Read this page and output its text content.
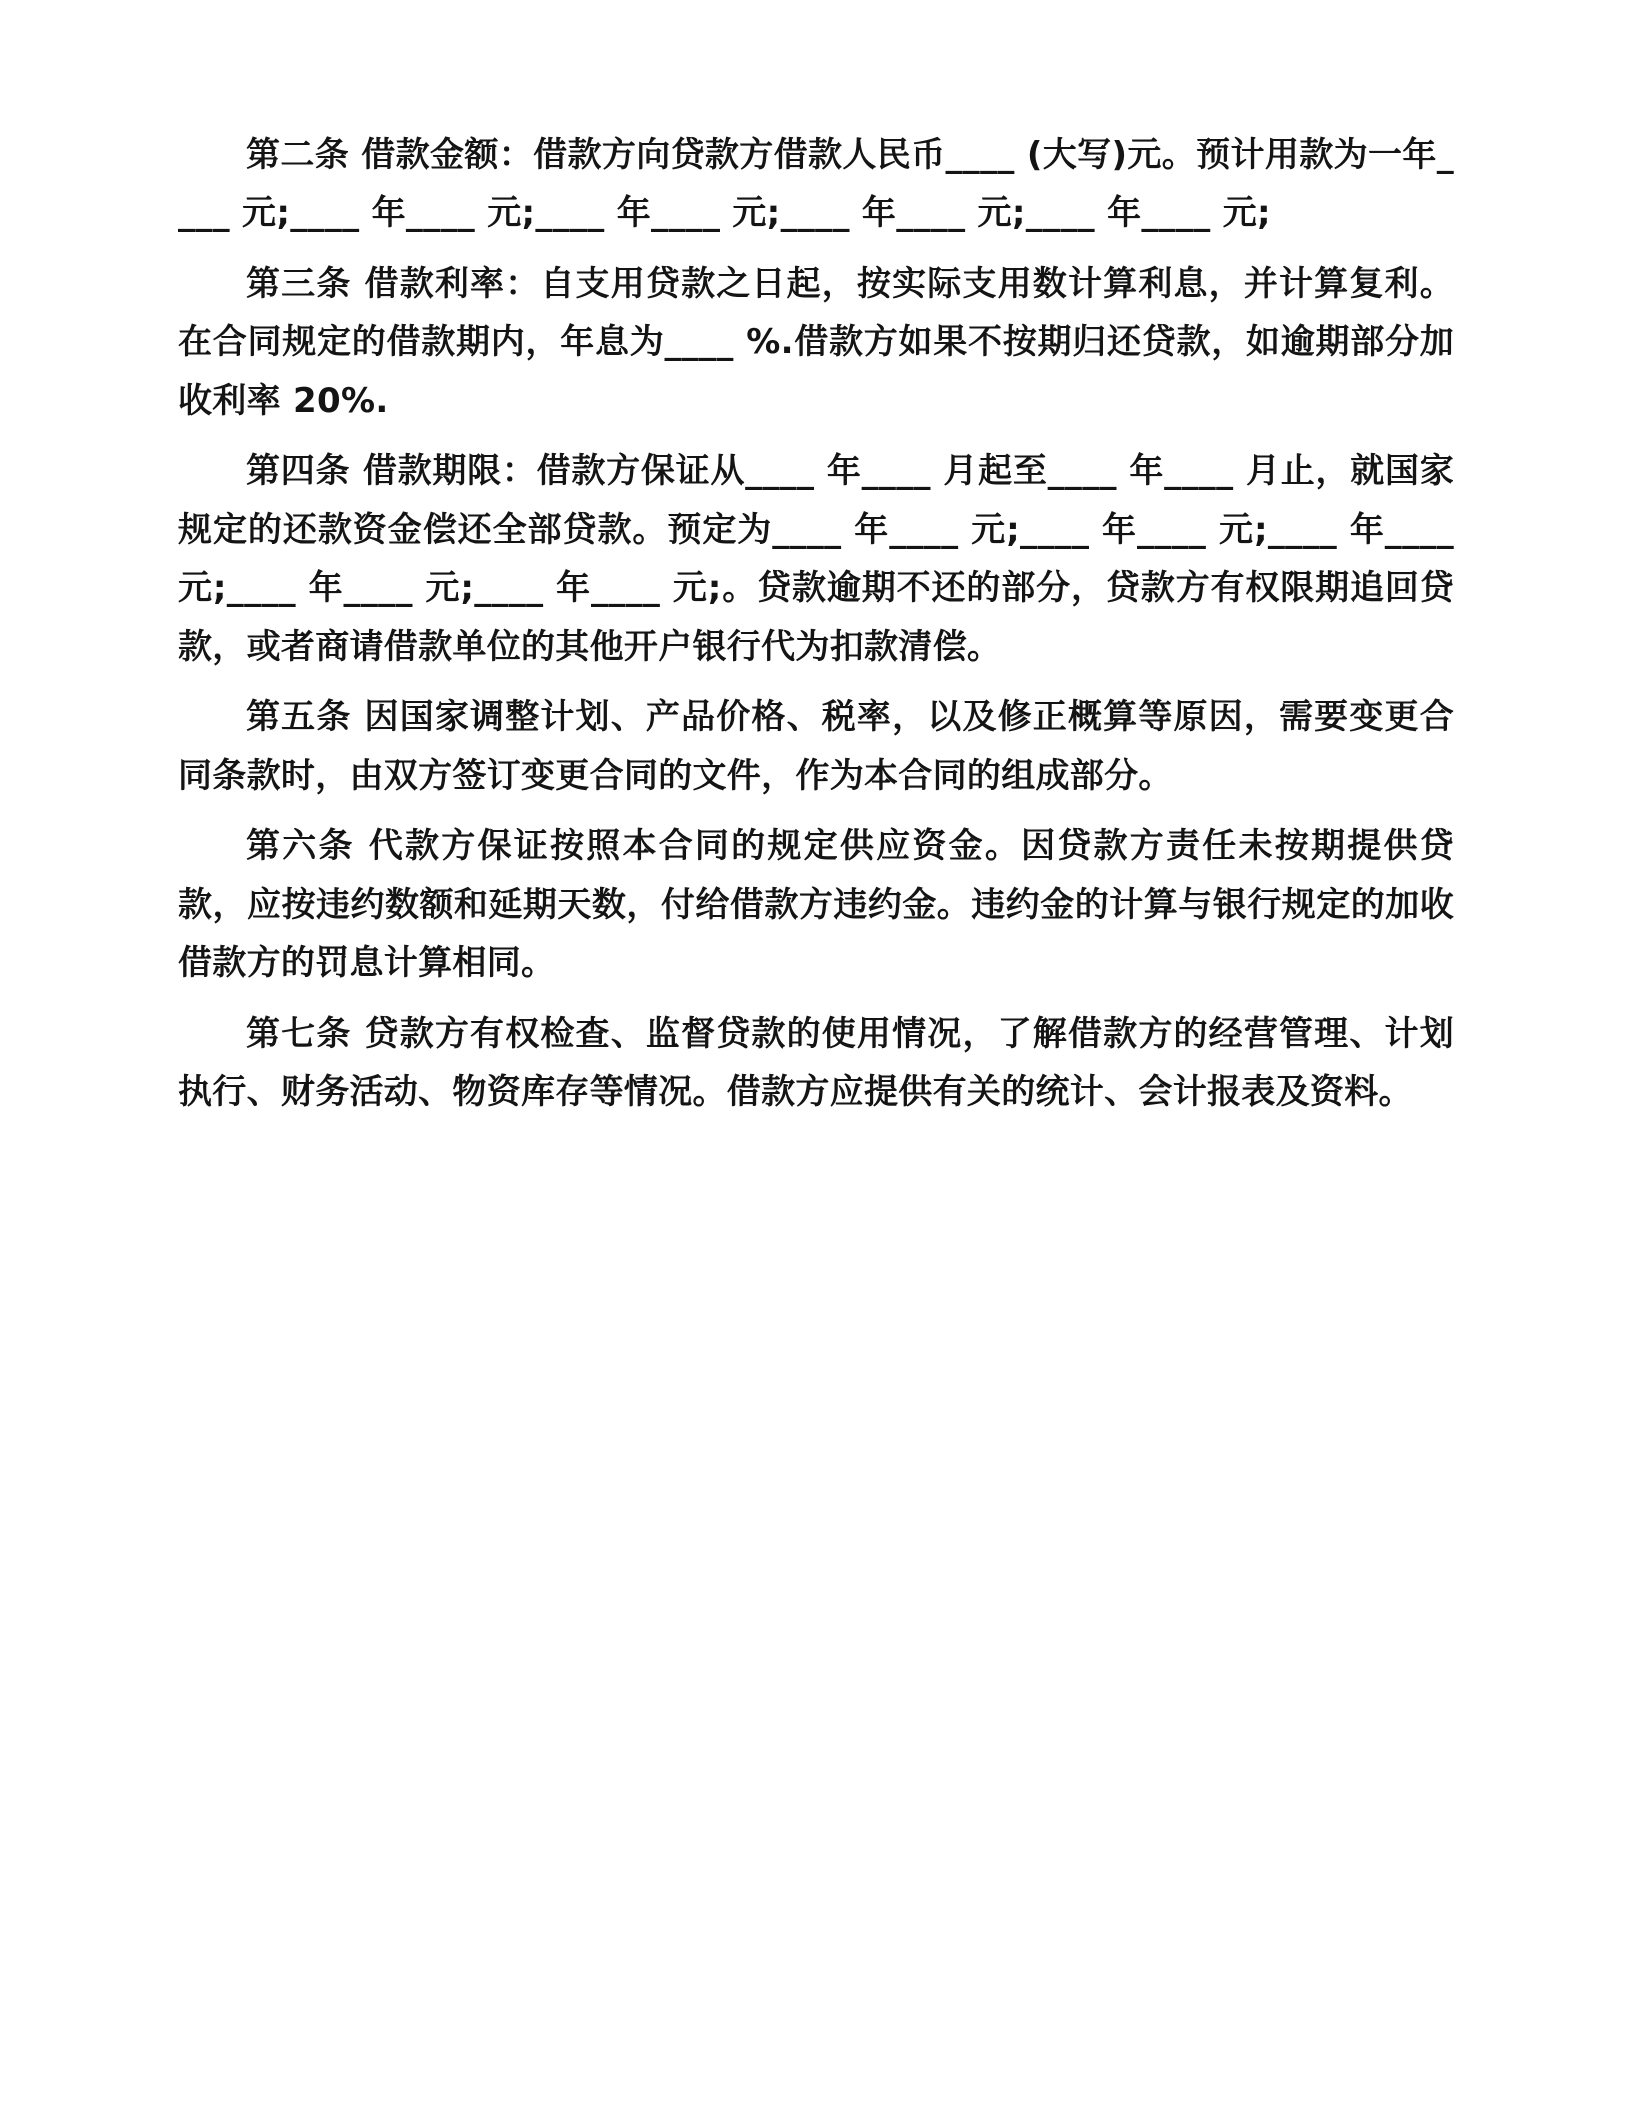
第二条 借款金额：借款方向贷款方借款人民币____ (大写)元。预计用款为一年____ 元;____ 年____ 元;____ 年____ 元;____ 年____ 元;____ 年____ 元;

第三条 借款利率：自支用贷款之日起，按实际支用数计算利息，并计算复利。在合同规定的借款期内，年息为____ %.借款方如果不按期归还贷款，如逾期部分加收利率 20%.

第四条 借款期限：借款方保证从____ 年____ 月起至____ 年____ 月止，就国家规定的还款资金偿还全部贷款。预定为____ 年____ 元;____ 年____ 元;____ 年____ 元;____ 年____ 元;____ 年____ 元;。贷款逾期不还的部分，贷款方有权限期追回贷款，或者商请借款单位的其他开户银行代为扣款清偿。

第五条 因国家调整计划、产品价格、税率，以及修正概算等原因，需要变更合同条款时，由双方签订变更合同的文件，作为本合同的组成部分。

第六条 代款方保证按照本合同的规定供应资金。因贷款方责任未按期提供贷款，应按违约数额和延期天数，付给借款方违约金。违约金的计算与银行规定的加收借款方的罚息计算相同。

第七条 贷款方有权检查、监督贷款的使用情况，了解借款方的经营管理、计划执行、财务活动、物资库存等情况。借款方应提供有关的统计、会计报表及资料。
